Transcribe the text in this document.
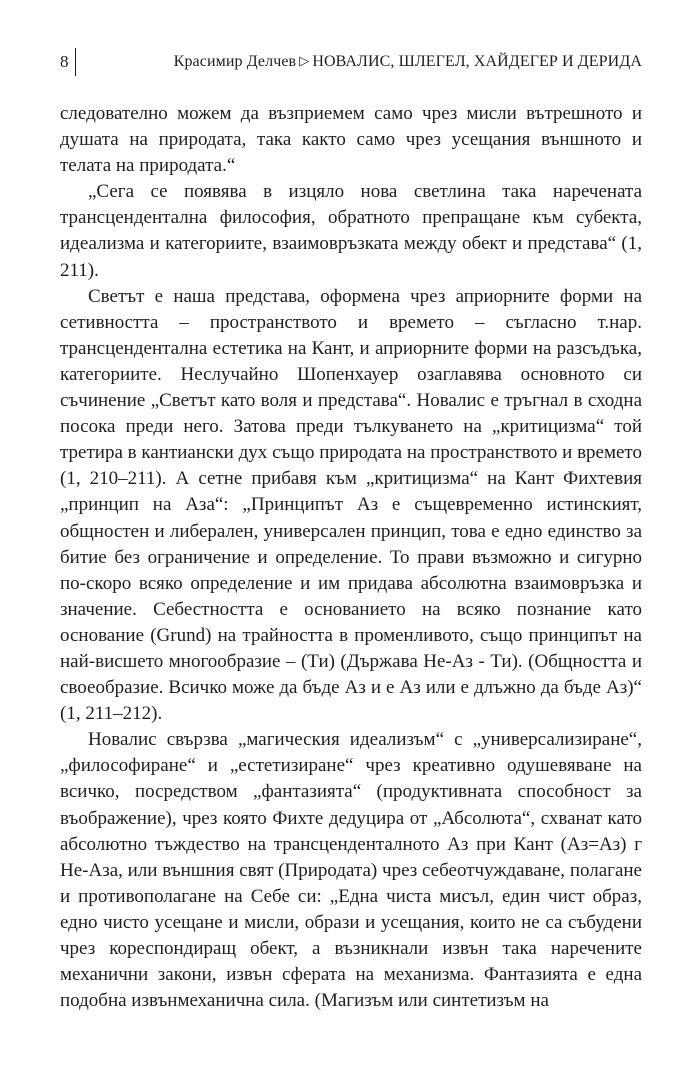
8	Красимир Делчев ▷ НОВАЛИС, ШЛЕГЕЛ, ХАЙДЕГЕР И ДЕРИДА

следователно можем да възприемем само чрез мисли вътрешното и душата на природата, така както само чрез усещания външното и телата на природата.“

„Сега се появява в изцяло нова светлина така наречената трансцендентална философия, обратното препращане към субекта, идеализма и категориите, взаимовръзката между обект и представа“ (1, 211).

Светът е наша представа, оформена чрез априорните форми на сетивността – пространството и времето – съгласно т.нар. трансцендентална естетика на Кант, и априорните форми на разсъдъка, категориите. Неслучайно Шопенхауер озаглавява основното си съчинение „Светът като воля и представа“. Новалис е тръгнал в сходна посока преди него. Затова преди тълкуването на „критицизма“ той третира в кантиански дух също природата на пространството и времето (1, 210–211). А сетне прибавя към „критицизма“ на Кант Фихтевия „принцип на Аза“: „Принципът Аз е същевременно истинският, общностен и либерален, универсален принцип, това е едно единство за битие без ограничение и определение. То прави възможно и сигурно по-скоро всяко определение и им придава абсолютна взаимовръзка и значение. Себестността е основанието на всяко познание като основание (Grund) на трайността в променливото, също принципът на най-висшето многообразие – (Ти) (Държава Не-Аз - Ти). (Общността и своеобразие. Всичко може да бъде Аз и е Аз или е длъжно да бъде Аз)“ (1, 211–212).

Новалис свързва „магическия идеализъм“ с „универсализиране“, „философиране“ и „естетизиране“ чрез креативно одушевяване на всичко, посредством „фантазията“ (продуктивната способност за въображение), чрез която Фихте дедуцира от „Абсолюта“, схванат като абсолютно тъждество на трансценденталното Аз при Кант (Аз=Аз) г Не-Аза, или външния свят (Природата) чрез себеотчуждаване, полагане и противополагане на Себе си: „Една чиста мисъл, един чист образ, едно чисто усещане и мисли, образи и усещания, които не са събудени чрез кореспондиращ обект, а възникнали извън така наречените механични закони, извън сферата на механизма. Фантазията е една подобна извънмеханична сила. (Магизъм или синтетизъм на
